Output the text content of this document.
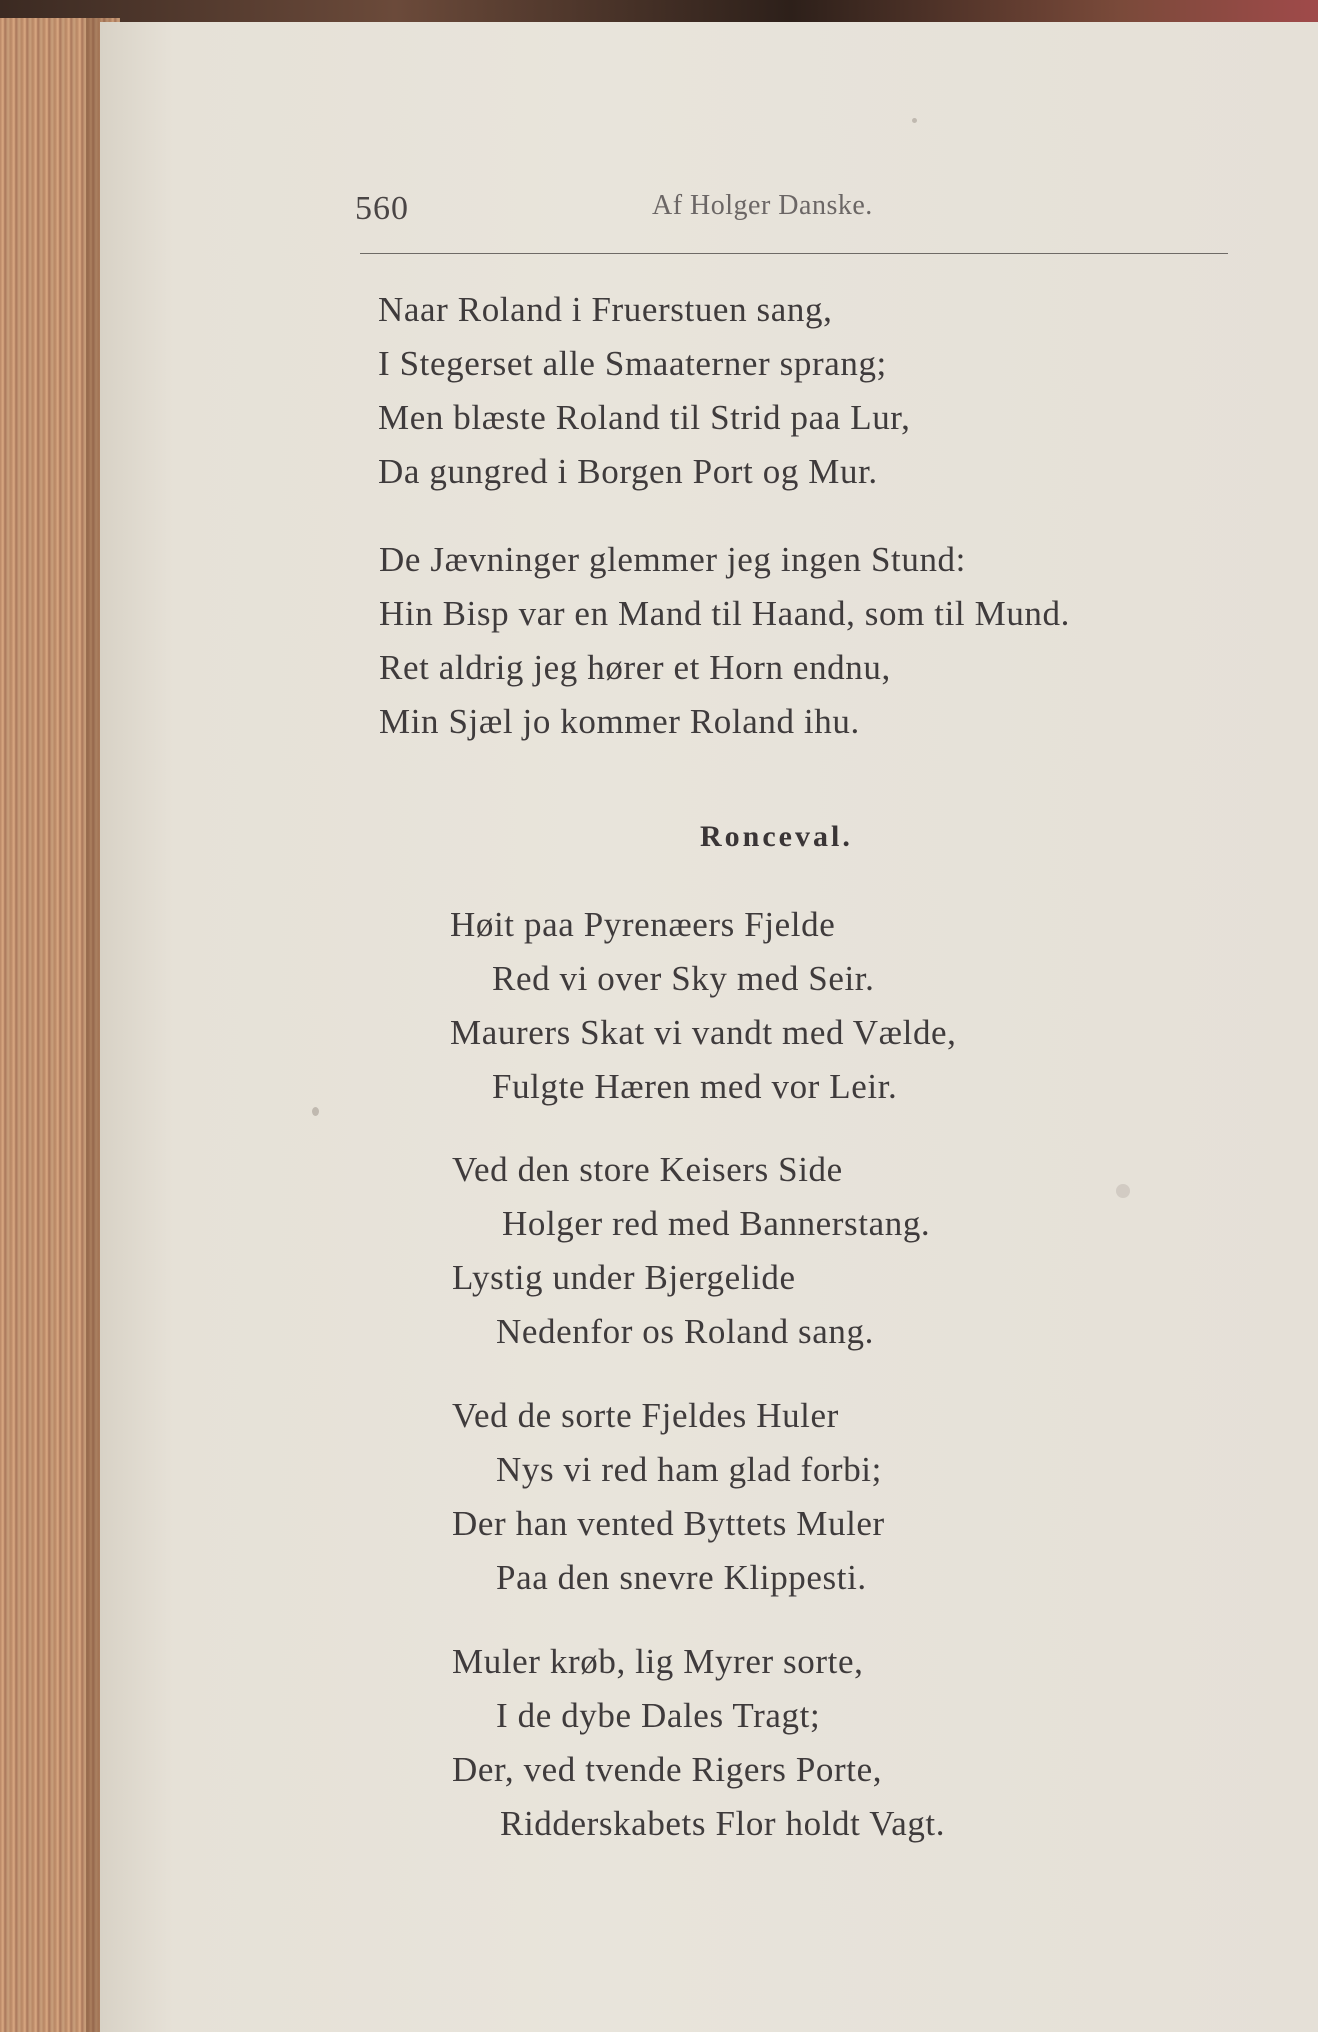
560	Af Holger Danske.
Naar Roland i Fruerstuen sang,
I Stegerset alle Smaaterner sprang;
Men blæste Roland til Strid paa Lur,
Da gungred i Borgen Port og Mur.
De Jævninger glemmer jeg ingen Stund:
Hin Bisp var en Mand til Haand, som til Mund.
Ret aldrig jeg hører et Horn endnu,
Min Sjæl jo kommer Roland ihu.
Ronceval.
Høit paa Pyrenæers Fjelde
Red vi over Sky med Seir.
Maurers Skat vi vandt med Vælde,
Fulgte Hæren med vor Leir.
Ved den store Keisers Side
Holger red med Bannerstang.
Lystig under Bjergelide
Nedenfor os Roland sang.
Ved de sorte Fjeldes Huler
Nys vi red ham glad forbi;
Der han vented Byttets Muler
Paa den snevre Klippesti.
Muler krøb, lig Myrer sorte,
I de dybe Dales Tragt;
Der, ved tvende Rigers Porte,
Ridderskabets Flor holdt Vagt.
